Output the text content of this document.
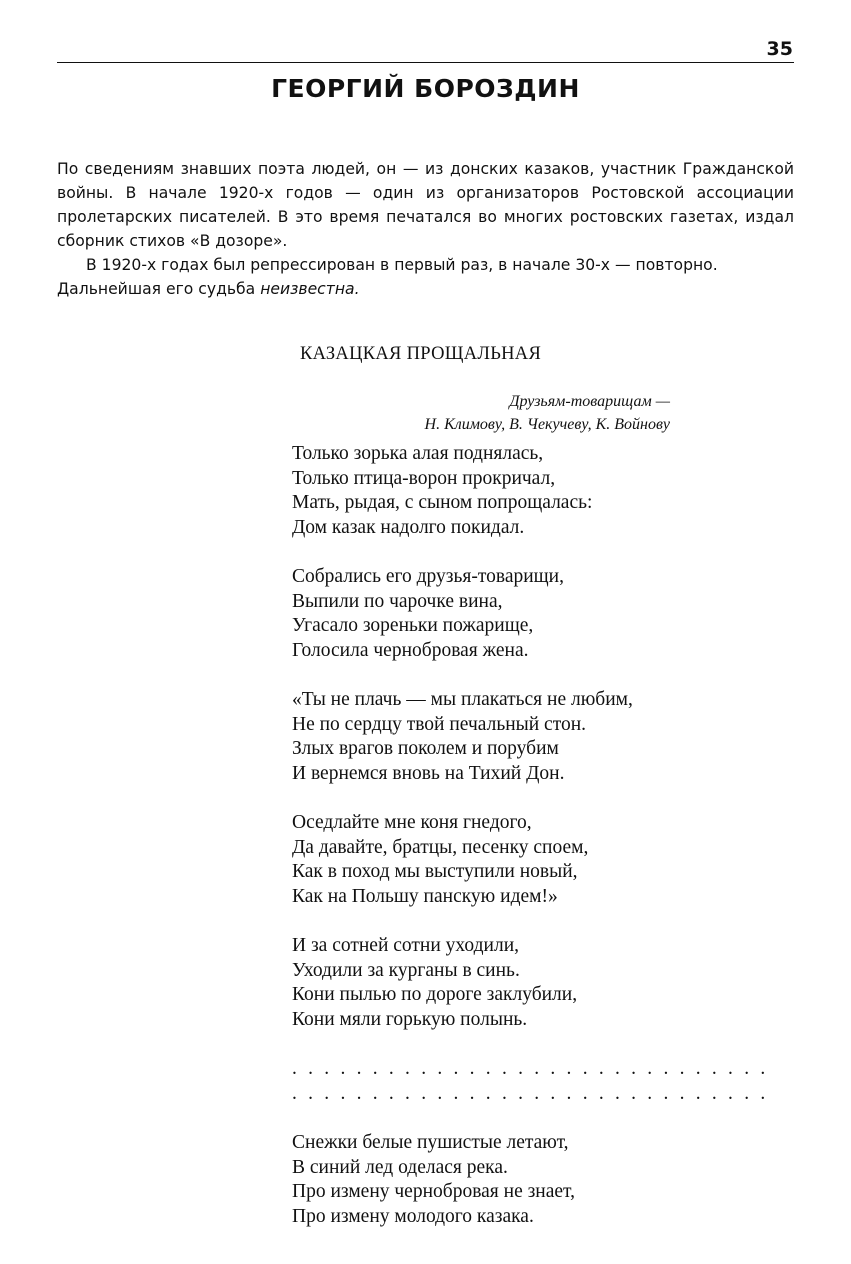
35
ГЕОРГИЙ БОРОЗДИН

По сведениям знавших поэта людей, он — из донских казаков, участник Гражданской войны. В начале 1920-х годов — один из организаторов Ростовской ассоциации пролетарских писателей. В это время печатался во многих ростовских газетах, издал сборник стихов «В дозоре».

В 1920-х годах был репрессирован в первый раз, в начале 30-х — повторно. Дальнейшая его судьба неизвестна.

КАЗАЦКАЯ ПРОЩАЛЬНАЯ
Друзьям-товарищам —
Н. Климову, В. Чекучеву, К. Войнову
Только зорька алая поднялась,
Только птица-ворон прокричал,
Мать, рыдая, с сыном попрощалась:
Дом казак надолго покидал.
Собрались его друзья-товарищи,
Выпили по чарочке вина,
Угасало зореньки пожарище,
Голосила чернобровая жена.
«Ты не плачь — мы плакаться не любим,
Не по сердцу твой печальный стон.
Злых врагов поколем и порубим
И вернемся вновь на Тихий Дон.
Оседлайте мне коня гнедого,
Да давайте, братцы, песенку споем,
Как в поход мы выступили новый,
Как на Польшу панскую идем!»
И за сотней сотни уходили,
Уходили за курганы в синь.
Кони пылью по дороге заклубили,
Кони мяли горькую полынь.
. . . . . . . . . . . . . . . . . . . . . . . . . . . . . .
. . . . . . . . . . . . . . . . . . . . . . . . . . . . . .
Снежки белые пушистые летают,
В синий лед оделася река.
Про измену чернобровая не знает,
Про измену молодого казака.
